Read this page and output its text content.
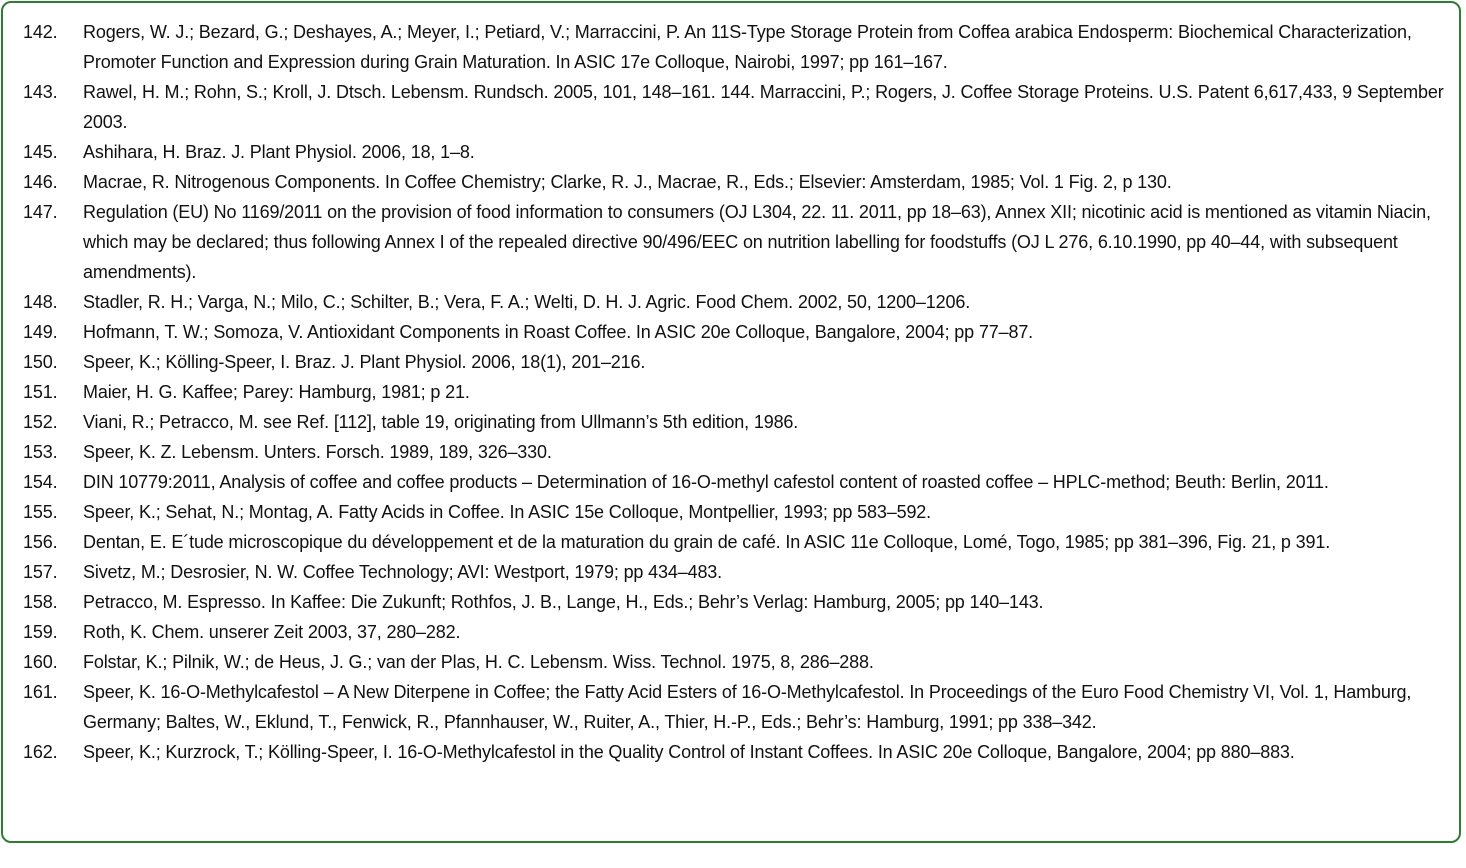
142. Rogers, W. J.; Bezard, G.; Deshayes, A.; Meyer, I.; Petiard, V.; Marraccini, P. An 11S-Type Storage Protein from Coffea arabica Endosperm: Biochemical Characterization, Promoter Function and Expression during Grain Maturation. In ASIC 17e Colloque, Nairobi, 1997; pp 161–167.
143. Rawel, H. M.; Rohn, S.; Kroll, J. Dtsch. Lebensm. Rundsch. 2005, 101, 148–161. 144. Marraccini, P.; Rogers, J. Coffee Storage Proteins. U.S. Patent 6,617,433, 9 September 2003.
145. Ashihara, H. Braz. J. Plant Physiol. 2006, 18, 1–8.
146. Macrae, R. Nitrogenous Components. In Coffee Chemistry; Clarke, R. J., Macrae, R., Eds.; Elsevier: Amsterdam, 1985; Vol. 1 Fig. 2, p 130.
147. Regulation (EU) No 1169/2011 on the provision of food information to consumers (OJ L304, 22. 11. 2011, pp 18–63), Annex XII; nicotinic acid is mentioned as vitamin Niacin, which may be declared; thus following Annex I of the repealed directive 90/496/EEC on nutrition labelling for foodstuffs (OJ L 276, 6.10.1990, pp 40–44, with subsequent amendments).
148. Stadler, R. H.; Varga, N.; Milo, C.; Schilter, B.; Vera, F. A.; Welti, D. H. J. Agric. Food Chem. 2002, 50, 1200–1206.
149. Hofmann, T. W.; Somoza, V. Antioxidant Components in Roast Coffee. In ASIC 20e Colloque, Bangalore, 2004; pp 77–87.
150. Speer, K.; Kölling-Speer, I. Braz. J. Plant Physiol. 2006, 18(1), 201–216.
151. Maier, H. G. Kaffee; Parey: Hamburg, 1981; p 21.
152. Viani, R.; Petracco, M. see Ref. [112], table 19, originating from Ullmann’s 5th edition, 1986.
153. Speer, K. Z. Lebensm. Unters. Forsch. 1989, 189, 326–330.
154. DIN 10779:2011, Analysis of coffee and coffee products – Determination of 16-O-methyl cafestol content of roasted coffee – HPLC-method; Beuth: Berlin, 2011.
155. Speer, K.; Sehat, N.; Montag, A. Fatty Acids in Coffee. In ASIC 15e Colloque, Montpellier, 1993; pp 583–592.
156. Dentan, E. E´tude microscopique du développement et de la maturation du grain de café. In ASIC 11e Colloque, Lomé, Togo, 1985; pp 381–396, Fig. 21, p 391.
157. Sivetz, M.; Desrosier, N. W. Coffee Technology; AVI: Westport, 1979; pp 434–483.
158. Petracco, M. Espresso. In Kaffee: Die Zukunft; Rothfos, J. B., Lange, H., Eds.; Behr’s Verlag: Hamburg, 2005; pp 140–143.
159. Roth, K. Chem. unserer Zeit 2003, 37, 280–282.
160. Folstar, K.; Pilnik, W.; de Heus, J. G.; van der Plas, H. C. Lebensm. Wiss. Technol. 1975, 8, 286–288.
161. Speer, K. 16-O-Methylcafestol – A New Diterpene in Coffee; the Fatty Acid Esters of 16-O-Methylcafestol. In Proceedings of the Euro Food Chemistry VI, Vol. 1, Hamburg, Germany; Baltes, W., Eklund, T., Fenwick, R., Pfannhauser, W., Ruiter, A., Thier, H.-P., Eds.; Behr’s: Hamburg, 1991; pp 338–342.
162. Speer, K.; Kurzrock, T.; Kölling-Speer, I. 16-O-Methylcafestol in the Quality Control of Instant Coffees. In ASIC 20e Colloque, Bangalore, 2004; pp 880–883.
